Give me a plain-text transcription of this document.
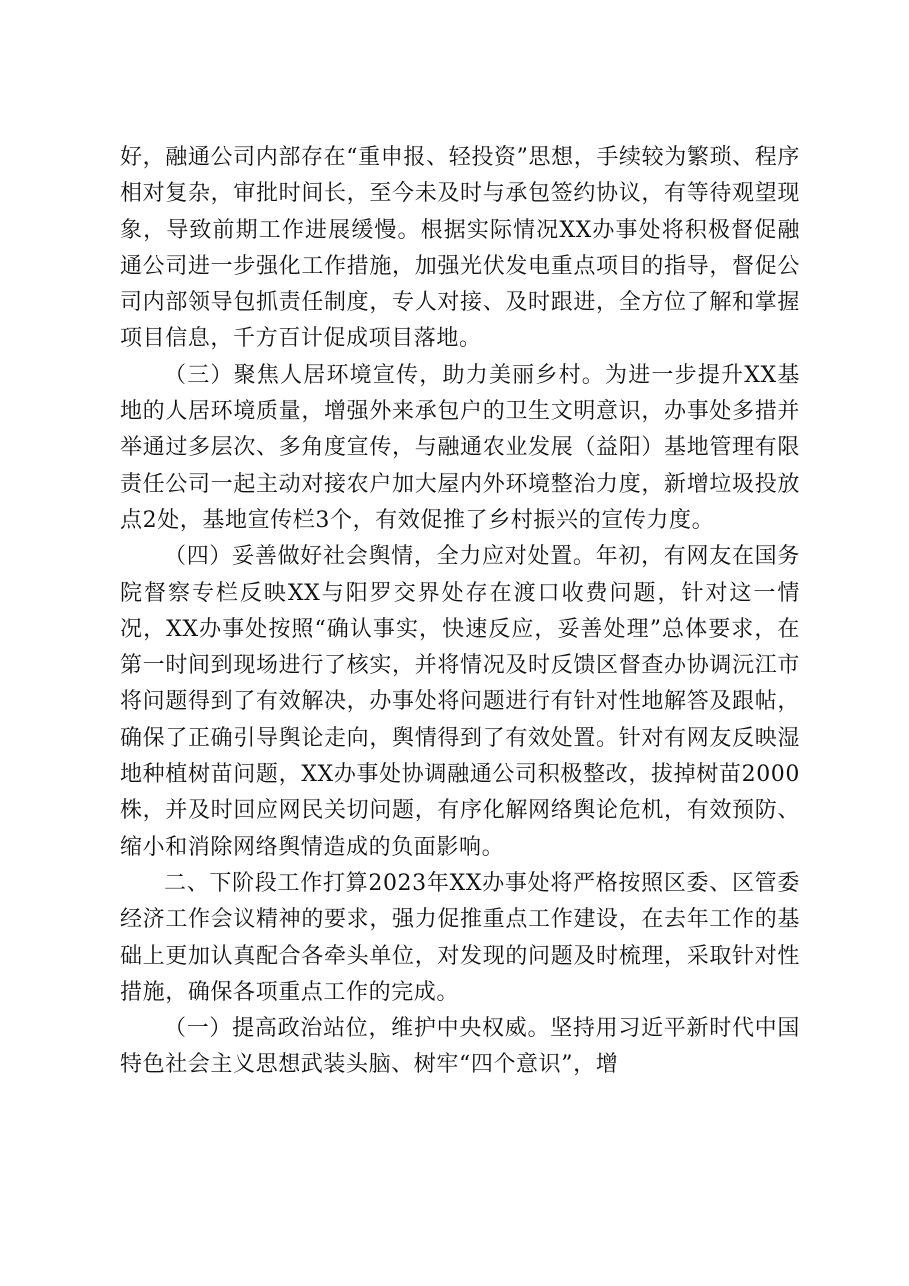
好，融通公司内部存在“重申报、轻投资”思想，手续较为繁琐、程序相对复杂，审批时间长，至今未及时与承包签约协议，有等待观望现象，导致前期工作进展缓慢。根据实际情况XX办事处将积极督促融通公司进一步强化工作措施，加强光伏发电重点项目的指导，督促公司内部领导包抓责任制度，专人对接、及时跟进，全方位了解和掌握项目信息，千方百计促成项目落地。

（三）聚焦人居环境宣传，助力美丽乡村。为进一步提升XX基地的人居环境质量，增强外来承包户的卫生文明意识，办事处多措并举通过多层次、多角度宣传，与融通农业发展（益阳）基地管理有限责任公司一起主动对接农户加大屋内外环境整治力度，新增垃圾投放点2处，基地宣传栏3个，有效促推了乡村振兴的宣传力度。

（四）妥善做好社会舆情，全力应对处置。年初，有网友在国务院督察专栏反映XX与阳罗交界处存在渡口收费问题，针对这一情况，XX办事处按照“确认事实，快速反应，妥善处理”总体要求，在第一时间到现场进行了核实，并将情况及时反馈区督查办协调沅江市将问题得到了有效解决，办事处将问题进行有针对性地解答及跟帖，确保了正确引导舆论走向，舆情得到了有效处置。针对有网友反映湿地种植树苗问题，XX办事处协调融通公司积极整改，拔掉树苗2000株，并及时回应网民关切问题，有序化解网络舆论危机，有效预防、缩小和消除网络舆情造成的负面影响。

二、下阶段工作打算2023年XX办事处将严格按照区委、区管委经济工作会议精神的要求，强力促推重点工作建设，在去年工作的基础上更加认真配合各牵头单位，对发现的问题及时梳理，采取针对性措施，确保各项重点工作的完成。

（一）提高政治站位，维护中央权威。坚持用习近平新时代中国特色社会主义思想武装头脑、树牢“四个意识”，增
